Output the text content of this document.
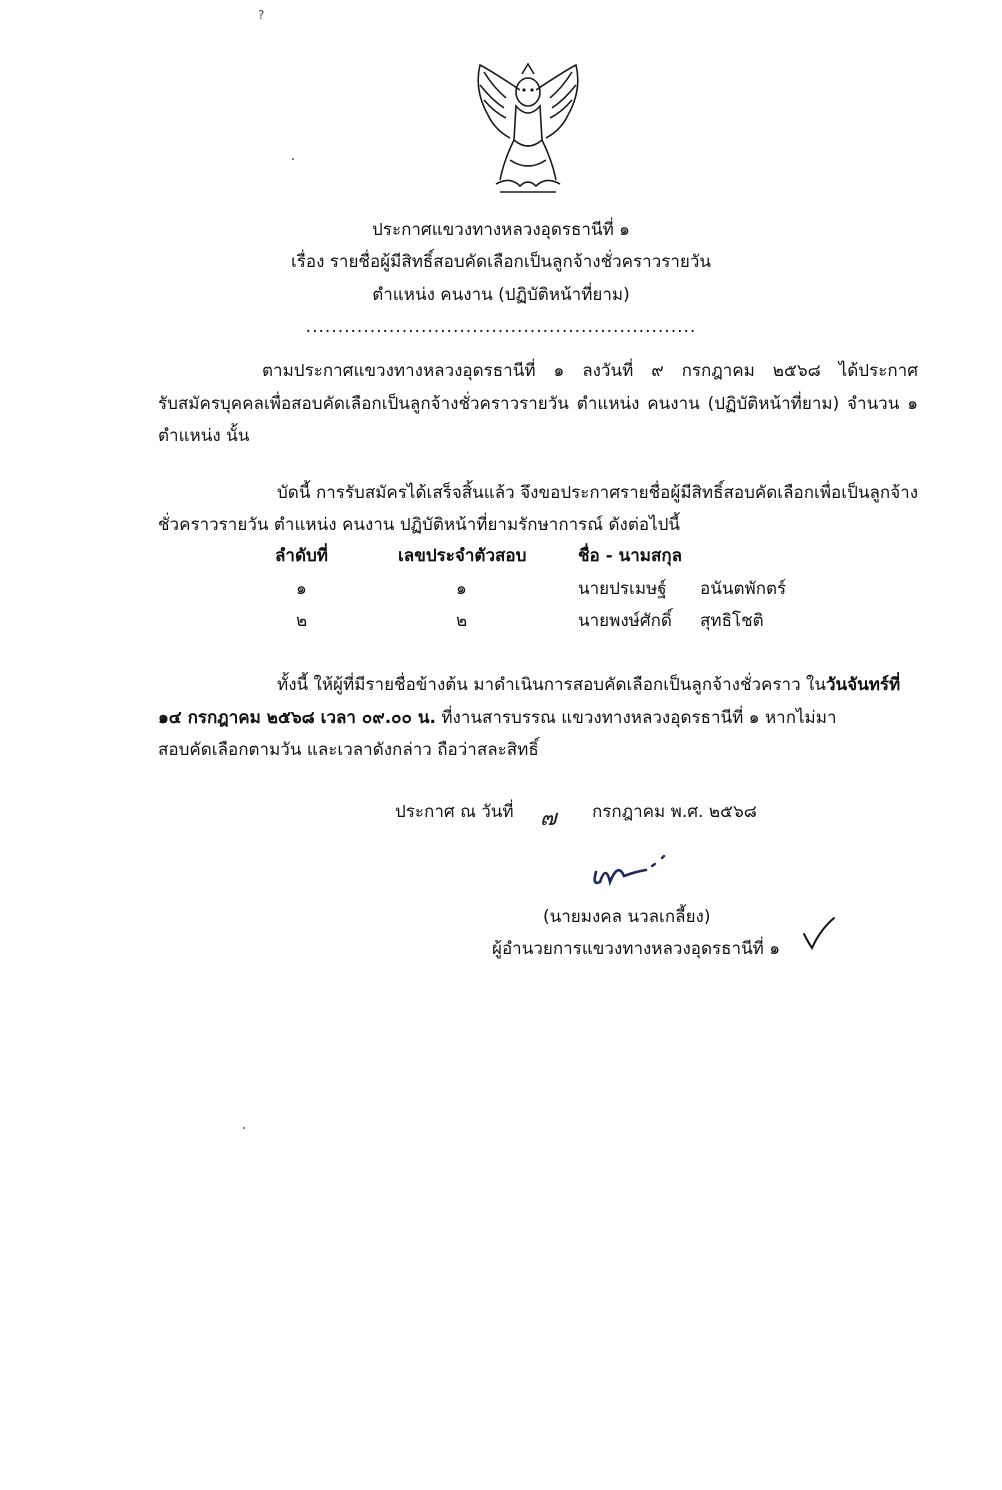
ประกาศแขวงทางหลวงอุดรธานีที่ ๑
เรื่อง รายชื่อผู้มีสิทธิ์สอบคัดเลือกเป็นลูกจ้างชั่วคราวรายวัน
ตำแหน่ง คนงาน (ปฏิบัติหน้าที่ยาม)
.............................................................
ตามประกาศแขวงทางหลวงอุดรธานีที่ ๑ ลงวันที่ ๙ กรกฎาคม ๒๕๖๘ ได้ประกาศ
รับสมัครบุคคลเพื่อสอบคัดเลือกเป็นลูกจ้างชั่วคราวรายวัน ตำแหน่ง คนงาน (ปฏิบัติหน้าที่ยาม) จำนวน ๑
ตำแหน่ง นั้น
บัดนี้ การรับสมัครได้เสร็จสิ้นแล้ว จึงขอประกาศรายชื่อผู้มีสิทธิ์สอบคัดเลือกเพื่อเป็นลูกจ้าง
ชั่วคราวรายวัน ตำแหน่ง คนงาน ปฏิบัติหน้าที่ยามรักษาการณ์ ดังต่อไปนี้
ลำดับที่	เลขประจำตัวสอบ	ชื่อ - นามสกุล
๑	๑	นายปรเมษฐ์ อนันตพักตร์
๒	๒	นายพงษ์ศักดิ์ สุทธิโชติ
ทั้งนี้ ให้ผู้ที่มีรายชื่อข้างต้น มาดำเนินการสอบคัดเลือกเป็นลูกจ้างชั่วคราว ในวันจันทร์ที่
๑๔ กรกฎาคม ๒๕๖๘ เวลา ๐๙.๐๐ น. ที่งานสารบรรณ แขวงทางหลวงอุดรธานีที่ ๑ หากไม่มา
สอบคัดเลือกตามวัน และเวลาดังกล่าว ถือว่าสละสิทธิ์
ประกาศ ณ วันที่ ๗ กรกฎาคม พ.ศ. ๒๕๖๘
(นายมงคล นวลเกลี้ยง)
ผู้อำนวยการแขวงทางหลวงอุดรธานีที่ ๑
?
